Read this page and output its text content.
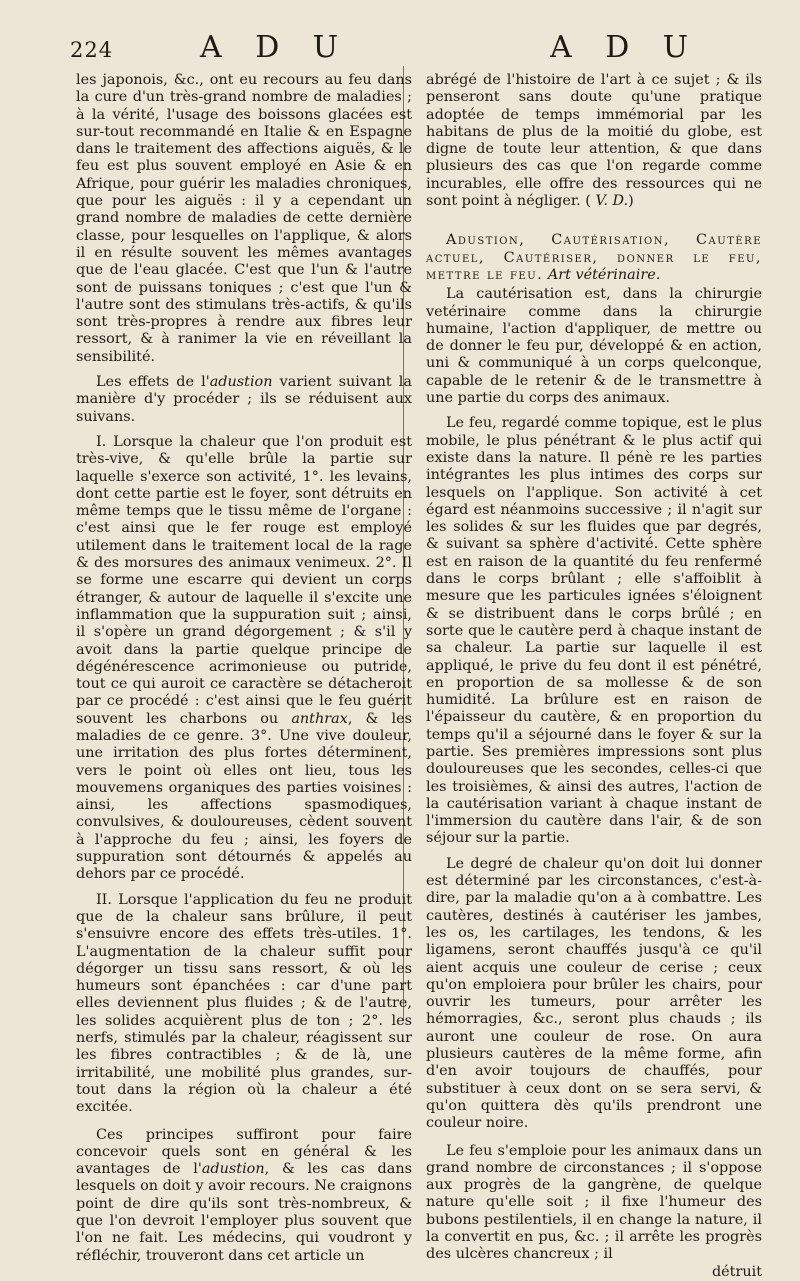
224	A D U	A D U

les japonois, &c., ont eu recours au feu dans la cure d'un très-grand nombre de maladies ; à la vérité, l'usage des boissons glacées est sur-tout recommandé en Italie & en Espagne dans le traitement des affections aiguës, & le feu est plus souvent employé en Asie & en Afrique, pour guérir les maladies chroniques, que pour les aiguës : il y a cependant un grand nombre de maladies de cette dernière classe, pour lesquelles on l'applique, & alors il en résulte souvent les mêmes avantages que de l'eau glacée. C'est que l'un & l'autre sont de puissans toniques ; c'est que l'un & l'autre sont des stimulans très-actifs, & qu'ils sont très-propres à rendre aux fibres leur ressort, & à ranimer la vie en réveillant la sensibilité.

Les effets de l'adustion varient suivant la manière d'y procéder ; ils se réduisent aux suivans.

I. Lorsque la chaleur que l'on produit est très-vive, & qu'elle brûle la partie sur laquelle s'exerce son activité, 1°. les levains, dont cette partie est le foyer, sont détruits en même temps que le tissu même de l'organe : c'est ainsi que le fer rouge est employé utilement dans le traitement local de la rage & des morsures des animaux venimeux. 2°. Il se forme une escarre qui devient un corps étranger, & autour de laquelle il s'excite une inflammation que la suppuration suit ; ainsi, il s'opère un grand dégorgement ; & s'il y avoit dans la partie quelque principe de dégénérescence acrimonieuse ou putride, tout ce qui auroit ce caractère se détacheroit par ce procédé : c'est ainsi que le feu guérit souvent les charbons ou anthrax, & les maladies de ce genre. 3°. Une vive douleur, une irritation des plus fortes déterminent, vers le point où elles ont lieu, tous les mouvemens organiques des parties voisines : ainsi, les affections spasmodiques, convulsives, & douloureuses, cèdent souvent à l'approche du feu ; ainsi, les foyers de suppuration sont détournés & appelés au dehors par ce procédé.

II. Lorsque l'application du feu ne produit que de la chaleur sans brûlure, il peut s'ensuivre encore des effets très-utiles. 1°. L'augmentation de la chaleur suffit pour dégorger un tissu sans ressort, & où les humeurs sont épanchées : car d'une part elles deviennent plus fluides ; & de l'autre, les solides acquièrent plus de ton ; 2°. les nerfs, stimulés par la chaleur, réagissent sur les fibres contractibles ; & de là, une irritabilité, une mobilité plus grandes, sur-tout dans la région où la chaleur a été excitée.

Ces principes suffiront pour faire concevoir quels sont en général & les avantages de l'adustion, & les cas dans lesquels on doit y avoir recours. Ne craignons point de dire qu'ils sont très-nombreux, & que l'on devroit l'employer plus souvent que l'on ne fait. Les médecins, qui voudront y réfléchir, trouveront dans cet article un

abrégé de l'histoire de l'art à ce sujet ; & ils penseront sans doute qu'une pratique adoptée de temps immémorial par les habitans de plus de la moitié du globe, est digne de toute leur attention, & que dans plusieurs des cas que l'on regarde comme incurables, elle offre des ressources qui ne sont point à négliger. ( V. D.)

Adustion, Cautérisation, Cautère actuel, Cautériser, donner le feu, mettre le feu. Art vétérinaire.

La cautérisation est, dans la chirurgie vetérinaire comme dans la chirurgie humaine, l'action d'appliquer, de mettre ou de donner le feu pur, développé & en action, uni & communiqué à un corps quelconque, capable de le retenir & de le transmettre à une partie du corps des animaux.

Le feu, regardé comme topique, est le plus mobile, le plus pénétrant & le plus actif qui existe dans la nature. Il pénè re les parties intégrantes les plus intimes des corps sur lesquels on l'applique. Son activité à cet égard est néanmoins successive ; il n'agit sur les solides & sur les fluides que par degrés, & suivant sa sphère d'activité. Cette sphère est en raison de la quantité du feu renfermé dans le corps brûlant ; elle s'affoiblit à mesure que les particules ignées s'éloignent & se distribuent dans le corps brûlé ; en sorte que le cautère perd à chaque instant de sa chaleur. La partie sur laquelle il est appliqué, le prive du feu dont il est pénétré, en proportion de sa mollesse & de son humidité. La brûlure est en raison de l'épaisseur du cautère, & en proportion du temps qu'il a séjourné dans le foyer & sur la partie. Ses premières impressions sont plus douloureuses que les secondes, celles-ci que les troisièmes, & ainsi des autres, l'action de la cautérisation variant à chaque instant de l'immersion du cautère dans l'air, & de son séjour sur la partie.

Le degré de chaleur qu'on doit lui donner est déterminé par les circonstances, c'est-à-dire, par la maladie qu'on a à combattre. Les cautères, destinés à cautériser les jambes, les os, les cartilages, les tendons, & les ligamens, seront chauffés jusqu'à ce qu'il aient acquis une couleur de cerise ; ceux qu'on emploiera pour brûler les chairs, pour ouvrir les tumeurs, pour arrêter les hémorragies, &c., seront plus chauds ; ils auront une couleur de rose. On aura plusieurs cautères de la même forme, afin d'en avoir toujours de chauffés, pour substituer à ceux dont on se sera servi, & qu'on quittera dès qu'ils prendront une couleur noire.

Le feu s'emploie pour les animaux dans un grand nombre de circonstances ; il s'oppose aux progrès de la gangrène, de quelque nature qu'elle soit ; il fixe l'humeur des bubons pestilentiels, il en change la nature, il la convertit en pus, &c. ; il arrête les progrès des ulcères chancreux ; il

détruit
